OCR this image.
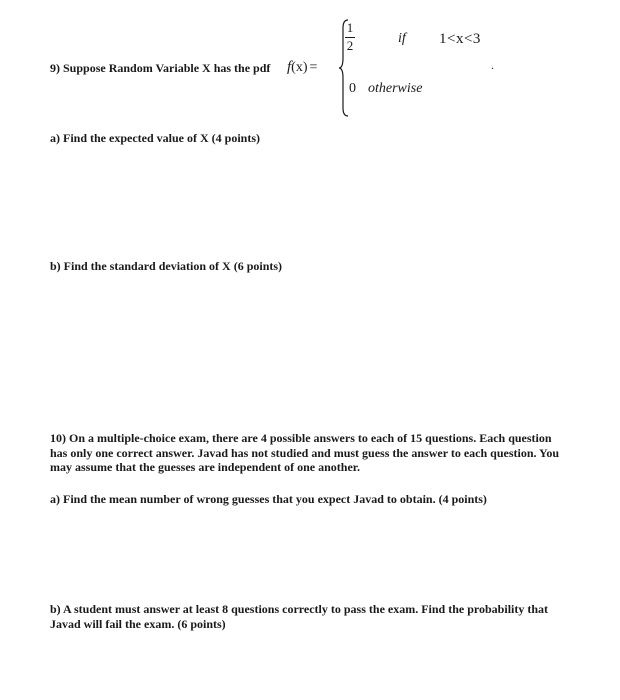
9) Suppose Random Variable X has the pdf f(x) =
1
2	if 1<x<3
.
0 otherwise
a) Find the expected value of X (4 points)
b) Find the standard deviation of X (6 points)
10) On a multiple-choice exam, there are 4 possible answers to each of 15 questions. Each question has only one correct answer. Javad has not studied and must guess the answer to each question. You may assume that the guesses are independent of one another.
a) Find the mean number of wrong guesses that you expect Javad to obtain. (4 points)
b) A student must answer at least 8 questions correctly to pass the exam. Find the probability that Javad will fail the exam. (6 points)
